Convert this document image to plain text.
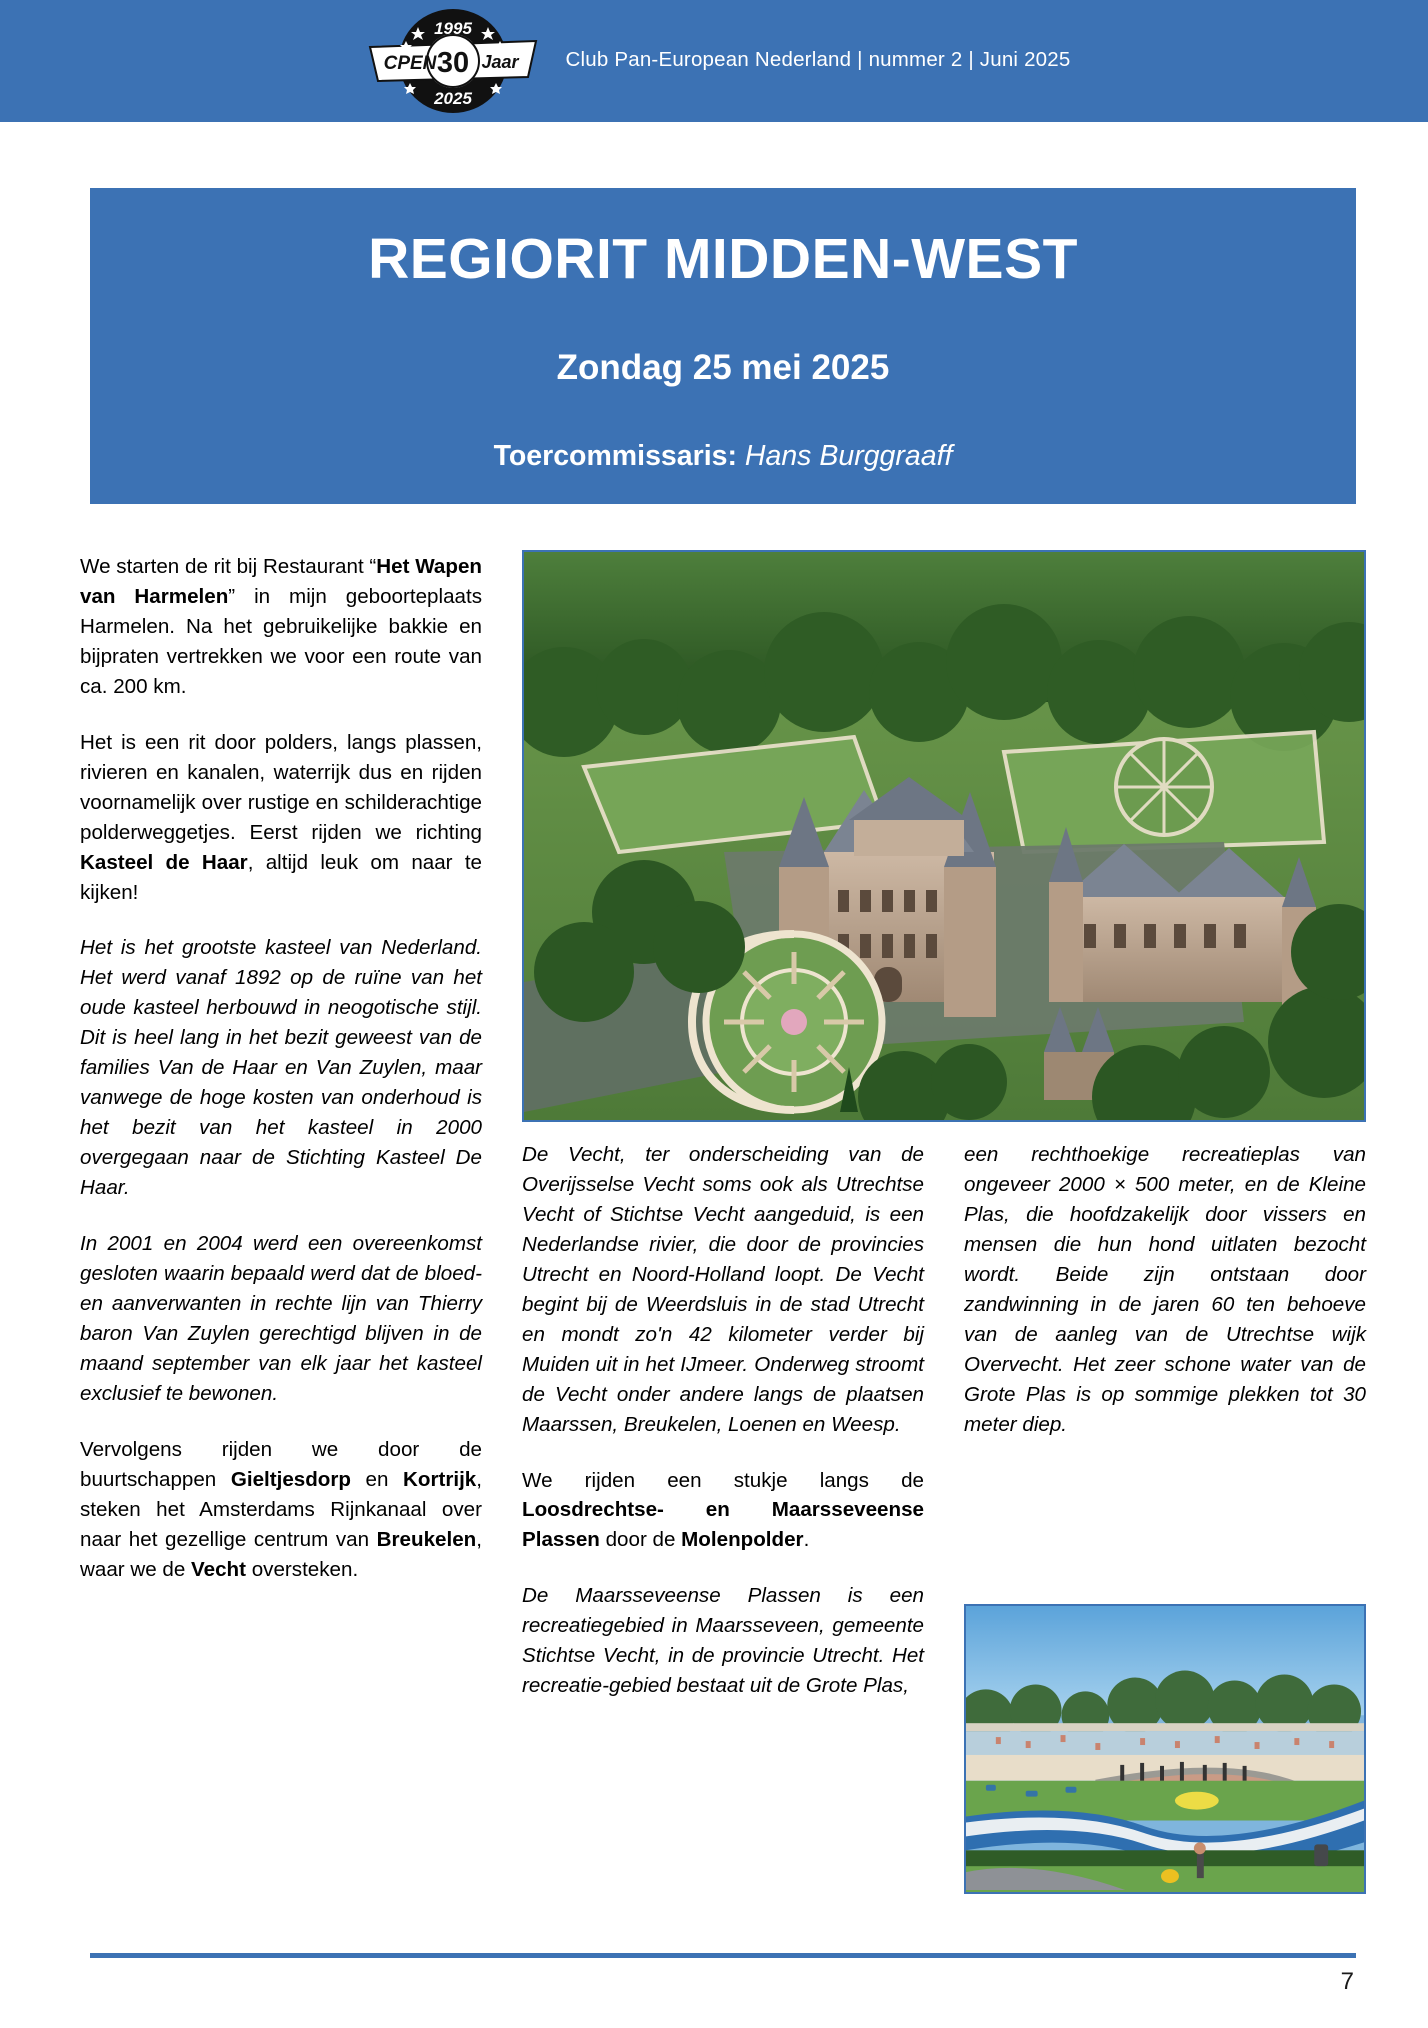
1995
2025
CPEN 30 Jaar Club Pan-European Nederland | nummer 2 | Juni 2025
REGIORIT MIDDEN-WEST
Zondag 25 mei 2025
Toercommissaris: Hans Burggraaff

We starten de rit bij Restaurant “Het Wapen van Harmelen” in mijn geboorteplaats Harmelen. Na het gebruikelijke bakkie en bijpraten vertrekken we voor een route van ca. 200 km.

Het is een rit door polders, langs plassen, rivieren en kanalen, waterrijk dus en rijden voornamelijk over rustige en schilderachtige polderweggetjes. Eerst rijden we richting Kasteel de Haar, altijd leuk om naar te kijken!

Het is het grootste kasteel van Nederland. Het werd vanaf 1892 op de ruïne van het oude kasteel herbouwd in neogotische stijl. Dit is heel lang in het bezit geweest van de families Van de Haar en Van Zuylen, maar vanwege de hoge kosten van onderhoud is het bezit van het kasteel in 2000 overgegaan naar de Stichting Kasteel De Haar.

In 2001 en 2004 werd een overeenkomst gesloten waarin bepaald werd dat de bloed- en aanverwanten in rechte lijn van Thierry baron Van Zuylen gerechtigd blijven in de maand september van elk jaar het kasteel exclusief te bewonen.

Vervolgens rijden we door de buurtschappen Gieltjesdorp en Kortrijk, steken het Amsterdams Rijnkanaal over naar het gezellige centrum van Breukelen, waar we de Vecht oversteken.

De Vecht, ter onderscheiding van de Overijsselse Vecht soms ook als Utrechtse Vecht of Stichtse Vecht aangeduid, is een Nederlandse rivier, die door de provincies Utrecht en Noord-Holland loopt. De Vecht begint bij de Weerdsluis in de stad Utrecht en mondt zo'n 42 kilometer verder bij Muiden uit in het IJmeer. Onderweg stroomt de Vecht onder andere langs de plaatsen Maarssen, Breukelen, Loenen en Weesp.

We rijden een stukje langs de Loosdrechtse- en Maarsseveense Plassen door de Molenpolder.

De Maarsseveense Plassen is een recreatiegebied in Maarsseveen, gemeente Stichtse Vecht, in de provincie Utrecht. Het recreatie-gebied bestaat uit de Grote Plas,

een rechthoekige recreatieplas van ongeveer 2000 × 500 meter, en de Kleine Plas, die hoofdzakelijk door vissers en mensen die hun hond uitlaten bezocht wordt. Beide zijn ontstaan door zandwinning in de jaren 60 ten behoeve van de aanleg van de Utrechtse wijk Overvecht. Het zeer schone water van de Grote Plas is op sommige plekken tot 30 meter diep.

7
